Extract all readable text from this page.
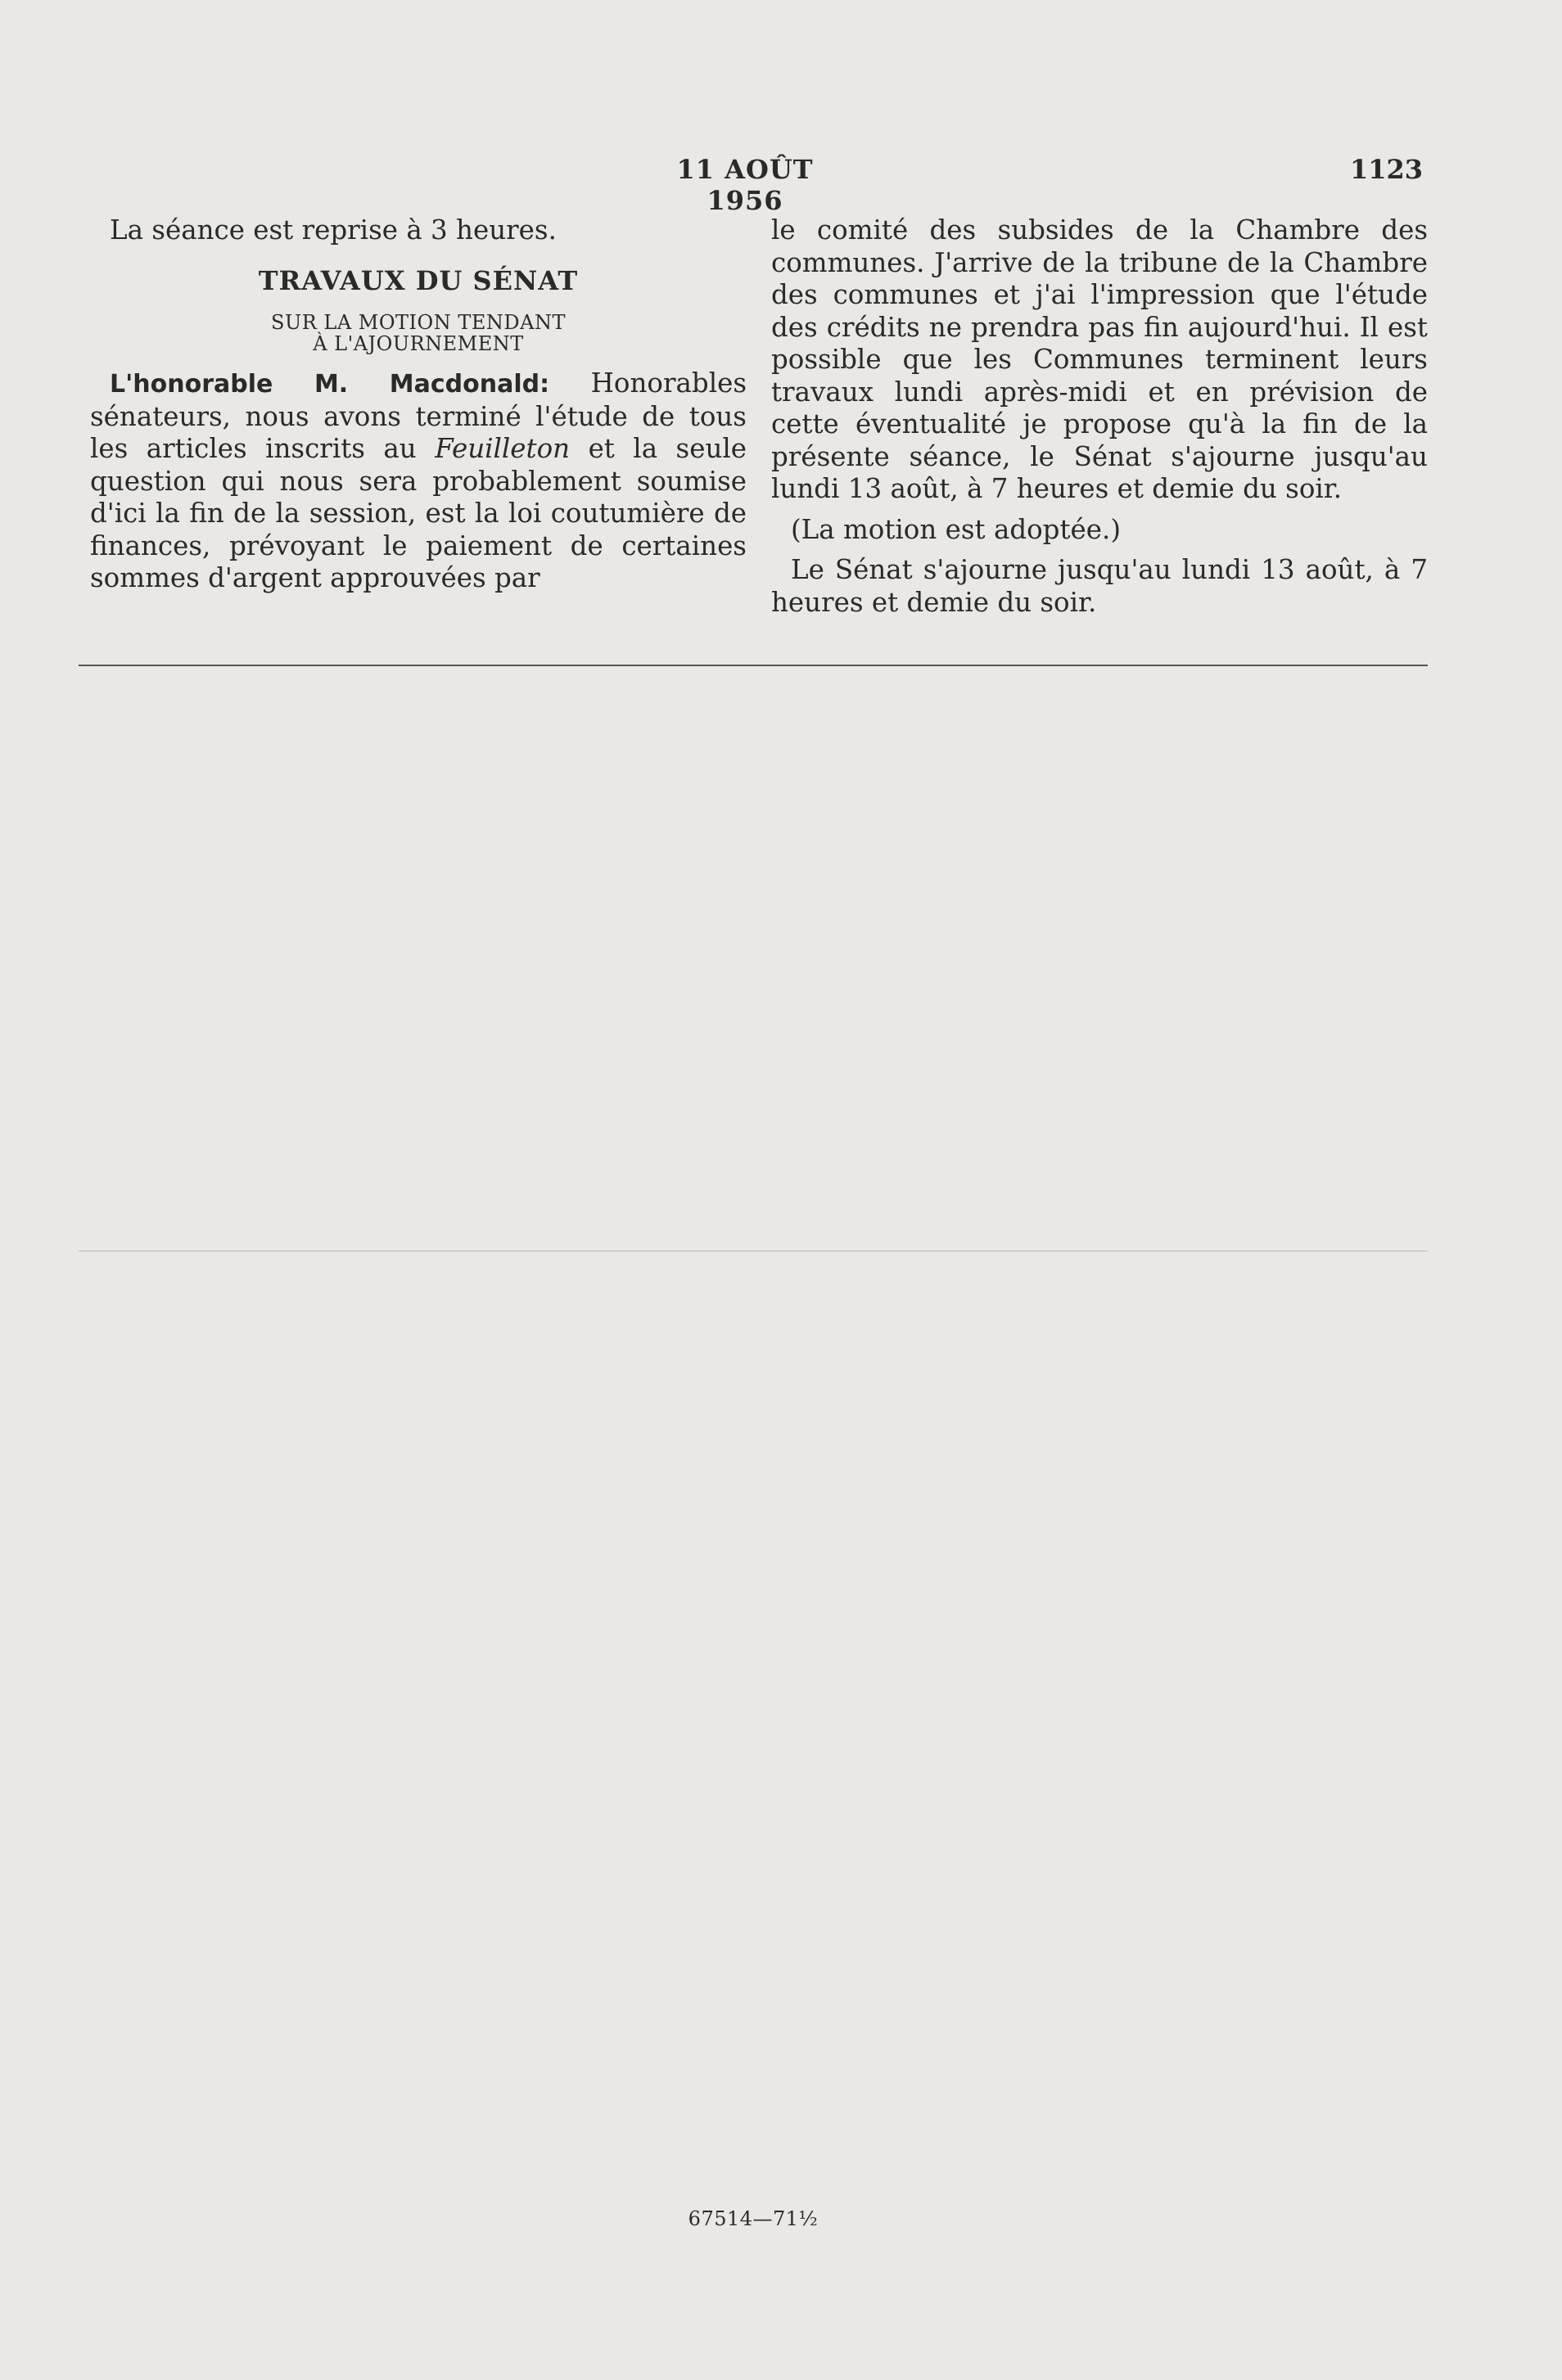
11 AOÛT 1956
1123

La séance est reprise à 3 heures.

TRAVAUX DU SÉNAT
SUR LA MOTION TENDANT
À L'AJOURNEMENT

L'honorable M. Macdonald: Honorables sénateurs, nous avons terminé l'étude de tous les articles inscrits au Feuilleton et la seule question qui nous sera probablement soumise d'ici la fin de la session, est la loi coutumière de finances, prévoyant le paiement de certaines sommes d'argent approuvées par

le comité des subsides de la Chambre des communes. J'arrive de la tribune de la Chambre des communes et j'ai l'impression que l'étude des crédits ne prendra pas fin aujourd'hui. Il est possible que les Communes terminent leurs travaux lundi après-midi et en prévision de cette éventualité je propose qu'à la fin de la présente séance, le Sénat s'ajourne jusqu'au lundi 13 août, à 7 heures et demie du soir.

(La motion est adoptée.)

Le Sénat s'ajourne jusqu'au lundi 13 août, à 7 heures et demie du soir.

67514—71½
